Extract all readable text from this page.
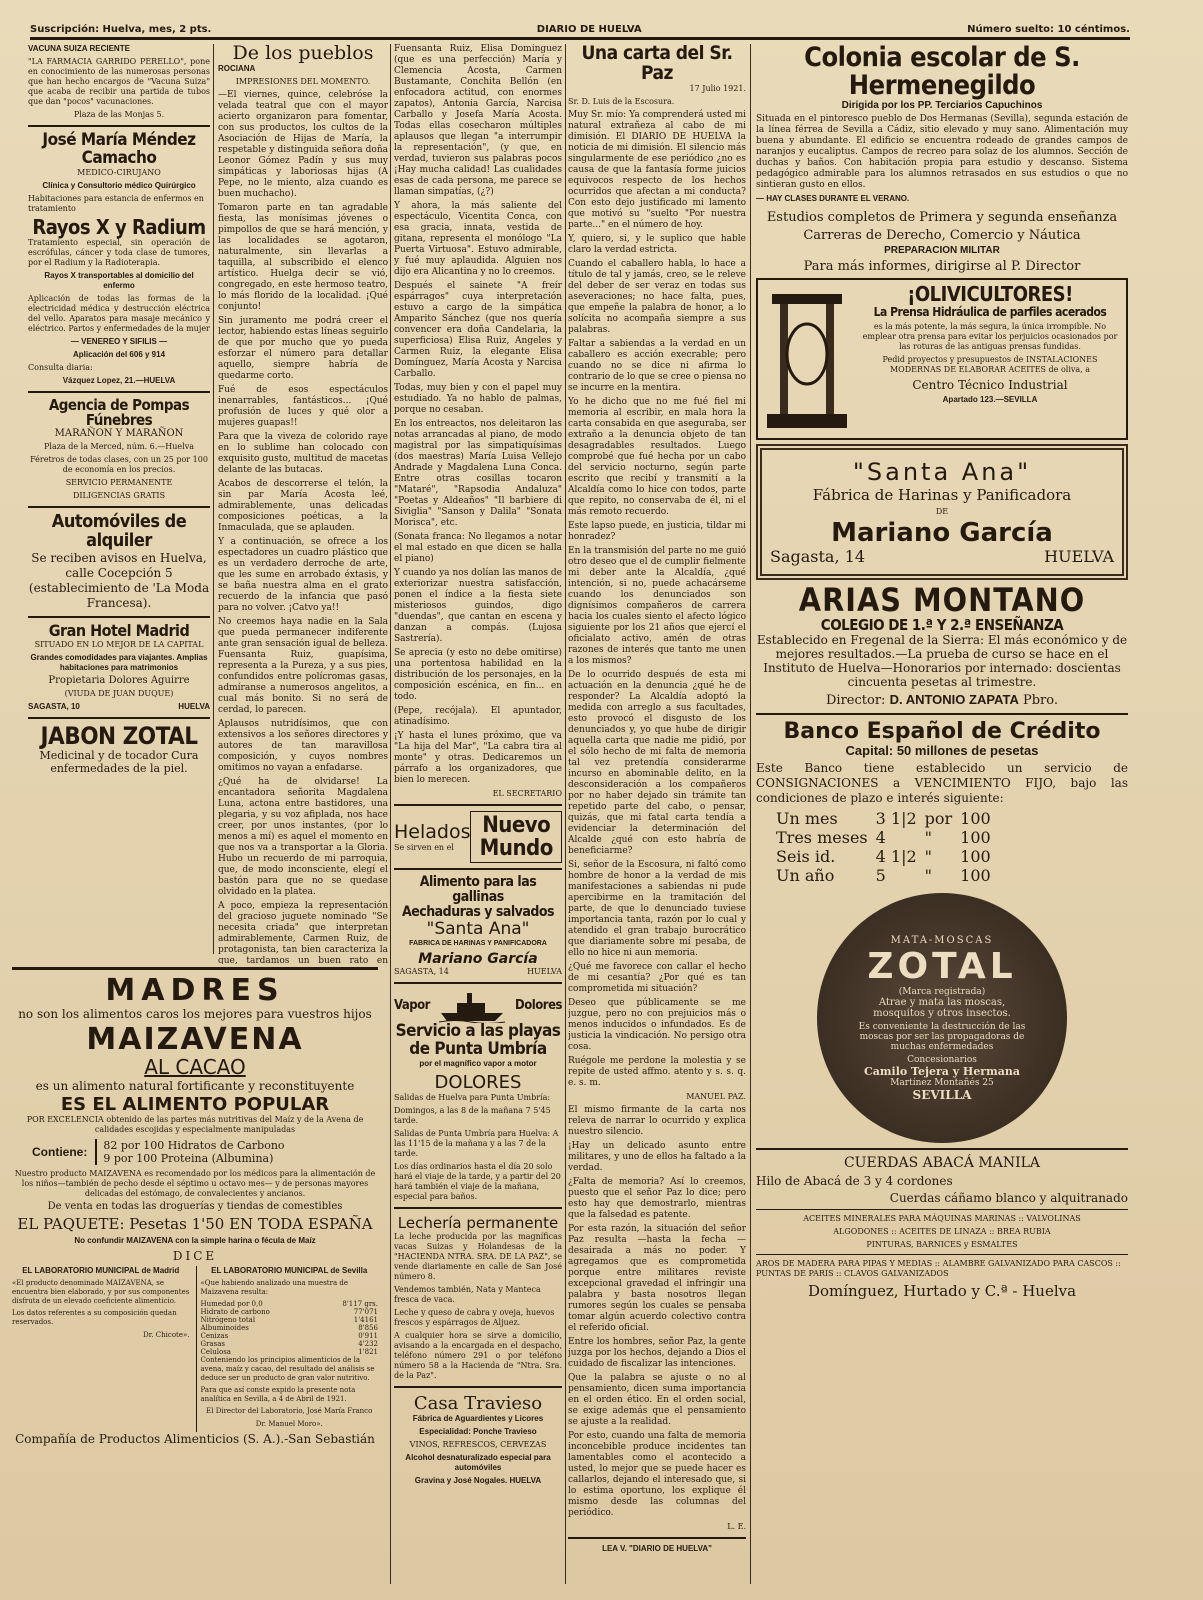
Suscripción: Huelva, mes, 2 pts.	DIARIO DE HUELVA	Número suelto: 10 céntimos.

VACUNA SUIZA RECIENTE

"LA FARMACIA GARRIDO PERELLO", pone en conocimiento de las numerosas personas que han hecho encargos de "Vacuna Suiza" que acaba de recibir una partida de tubos que dan "pocos" vacunaciones.

Plaza de las Monjas 5.

José María Méndez Camacho

MEDICO-CIRUJANO

Clínica y Consultorio médico Quirúrgico

Habitaciones para estancia de enfermos en tratamiento

Rayos X y Radium

Tratamiento especial, sin operación de escrófulas, cáncer y toda clase de tumores, por el Radium y la Radioterapia.

Rayos X transportables al domicilio del enfermo

Aplicación de todas las formas de la electricidad médica y destrucción eléctrica del vello. Aparatos para masaje mecánico y eléctrico. Partos y enfermedades de la mujer

— VENEREO Y SIFILIS —

Aplicación del 606 y 914

Consulta diaria:

Vázquez Lopez, 21.—HUELVA

Agencia de Pompas Fúnebres

MARAÑON Y MARAÑON

Plaza de la Merced, núm. 6.—Huelva

Féretros de todas clases, con un 25 por 100 de economía en los precios.

SERVICIO PERMANENTE

DILIGENCIAS GRATIS

Automóviles de alquiler

Se reciben avisos en Huelva, calle Cocepción 5 (establecimiento de 'La Moda Francesa).

Gran Hotel Madrid

SITUADO EN LO MEJOR DE LA CAPITAL

Grandes comodidades para viajantes. Amplias habitaciones para matrimonios

Propietaria Dolores Aguirre

(VIUDA DE JUAN DUQUE)

SAGASTA, 10	HUELVA

JABON ZOTAL

Medicinal y de tocador Cura enfermedades de la piel.

De los pueblos

ROCIANA

IMPRESIONES DEL MOMENTO.

—El viernes, quince, celebróse la velada teatral que con el mayor acierto organizaron para fomentar, con sus productos, los cultos de la Asociación de Hijas de María, la respetable y distinguida señora doña Leonor Gómez Padín y sus muy simpáticas y laboriosas hijas (A Pepe, no le miento, alza cuando es buen muchacho).

Tomaron parte en tan agradable fiesta, las monísimas jóvenes o pimpollos de que se hará mención, y las localidades se agotaron, naturalmente, sin llevarlas a taquilla, al subscribido el elenco artístico. Huelga decir se vió, congregado, en este hermoso teatro, lo más florido de la localidad. ¡Qué conjunto!

Sin juramento me podrá creer el lector, habiendo estas líneas seguirlo de que por mucho que yo pueda esforzar el número para detallar aquello, siempre habría de quedarme corto.

Fué de esos espectáculos inenarrables, fantásticos... ¡Qué profusión de luces y qué olor a mujeres guapas!!

Para que la viveza de colorido raye en lo sublime han colocado con exquisito gusto, multitud de macetas delante de las butacas.

Acabos de descorrerse el telón, la sin par María Acosta leé, admirablemente, unas delicadas composiciones poéticas, a la Inmaculada, que se aplauden.

Y a continuación, se ofrece a los espectadores un cuadro plástico que es un verdadero derroche de arte, que les sume en arrobado éxtasis, y se baña nuestra alma en el grato recuerdo de la infancia que pasó para no volver. ¡Catvo ya!!

No creemos haya nadie en la Sala que pueda permanecer indiferente ante gran sensación igual de belleza. Fuensanta Ruiz, guapísima, representa a la Pureza, y a sus pies, confundidos entre polícromas gasas, admíranse a numerosos angelitos, a cual más bonito. Si no será de cerdad, lo parecen.

Aplausos nutridísimos, que con extensivos a los señores directores y autores de tan maravillosa composición, y cuyos nombres omitimos no vayan a enfadarse.

¿Qué ha de olvidarse! La encantadora señorita Magdalena Luna, actona entre bastidores, una plegaria, y su voz afiplada, nos hace creer, por unos instantes, (por lo menos a mí) es aquel el momento en que nos va a transportar a la Gloria. Hubo un recuerdo de mi parroquia, que, de modo inconsciente, elegí el bastón para que no se quedase olvidado en la platea.

A poco, empieza la representación del gracioso juguete nominado "Se necesita criada" que interpretan admirablemente, Carmen Ruiz, de protagonista, tan bien caracteriza la que, tardamos un buen rato en

Fuensanta Ruiz, Elisa Domínguez (que es una perfección) María y Clemencia Acosta, Carmen Bustamante, Conchita Bellón (en enfocadora actitud, con enormes zapatos), Antonia García, Narcisa Carballo y Josefa María Acosta. Todas ellas cosecharon múltiples aplausos que llegan "a interrumpir la representación", (y que, en verdad, tuvieron sus palabras pocos ¡Hay mucha calidad! Las cualidades esas de cada persona, me parece se llaman simpatías, (¿?)

Y ahora, la más saliente del espectáculo, Vicentita Conca, con esa gracia, innata, vestida de gitana, representa el monólogo "La Puerta Virtuosa". Estuvo admirable, y fué muy aplaudida. Alguien nos dijo era Alicantina y no lo creemos.

Después el sainete "A freír espárragos" cuya interpretación estuvo a cargo de la simpática Amparito Sánchez (que nos quería convencer era doña Candelaria, la superficiosa) Elisa Ruiz, Angeles y Carmen Ruiz, la elegante Elisa Domínguez, María Acosta y Narcisa Carballo.

Todas, muy bien y con el papel muy estudiado. Ya no hablo de palmas, porque no cesaban.

En los entreactos, nos deleitaron las notas arrancadas al piano, de modo magistral por las simpatiquísimas (dos maestras) María Luisa Vellejo Andrade y Magdalena Luna Conca. Entre otras cosillas tocaron "Mataré", "Rapsodia Andaluza" "Poetas y Aldeaños" "Il barbiere di Siviglia" "Sanson y Dalila" "Sonata Morisca", etc.

(Sonata franca: No llegamos a notar el mal estado en que dicen se halla el piano)

Y cuando ya nos dolían las manos de exteriorizar nuestra satisfacción, ponen el índice a la fiesta siete misteriosos guindos, digo "duendas", que cantan en escena y danzan a compás. (Lujosa Sastrería).

Se aprecia (y esto no debe omitirse) una portentosa habilidad en la distribución de los personajes, en la composición escénica, en fin... en todo.

(Pepe, recójala). El apuntador, atinadísimo.

¡Y hasta el lunes próximo, que va "La hija del Mar", "La cabra tira al monte" y otras. Dedicaremos un párrafo a los organizadores, que bien lo merecen.

EL SECRETARIO

Helados
Se sirven en el
Nuevo Mundo
Alimento para las gallinas
Aechaduras y salvados
"Santa Ana"

FABRICA DE HARINAS Y PANIFICADORA

Mariano García

SAGASTA, 14	HUELVA

Vapor	Dolores
Servicio a las playas de Punta Umbría

por el magnífico vapor a motor

DOLORES

Salidas de Huelva para Punta Umbría:

Domingos, a las 8 de la mañana 7 5'45 tarde.

Salidas de Punta Umbría para Huelva: A las 11'15 de la mañana y a las 7 de la tarde.

Los días ordinarios hasta el día 20 solo hará el viaje de la tarde, y a partir del 20 hará también el viaje de la mañana, especial para baños.

Lechería permanente

La leche producida por las magníficas vacas Suizas y Holandesas de la "HACIENDA NTRA. SRA. DE LA PAZ", se vende diariamente en calle de San José número 8.

Vendemos también, Nata y Manteca fresca de vaca.

Leche y queso de cabra y oveja, huevos frescos y espárragos de Aljuez.

A cualquier hora se sirve a domicilio, avisando a la encargada en el despacho, teléfono número 291 o por teléfono número 58 a la Hacienda de "Ntra. Sra. de la Paz".

Casa Travieso

Fábrica de Aguardientes y Licores

Especialidad: Ponche Travieso

VINOS, REFRESCOS, CERVEZAS

Alcohol desnaturalizado especial para automóviles

Gravina y José Nogales. HUELVA

Una carta del Sr. Paz

17 Julio 1921.

Sr. D. Luis de la Escosura.

Muy Sr. mío: Ya comprenderá usted mi natural extrañeza al cabo de mi dimisión. El DIARIO DE HUELVA la noticia de mi dimisión. El silencio más singularmente de ese periódico ¿no es causa de que la fantasía forme juicios equivocos respecto de los hechos ocurridos que afectan a mi conducta? Con esto dejo justificado mi lamento que motivó su "suelto "Por nuestra parte..." en el número de hoy.

Y, quiero, si, y le suplico que hable claro la verdad estricta.

Cuando el caballero habla, lo hace a título de tal y jamás, creo, se le releve del deber de ser veraz en todas sus aseveraciones; no hace falta, pues, que empeñe la palabra de honor, a lo solícita no acompaña siempre a sus palabras.

Faltar a sabiendas a la verdad en un caballero es acción execrable; pero cuando no se dice ni afirma lo contrario de lo que se cree o piensa no se incurre en la mentira.

Yo he dicho que no me fué fiel mi memoria al escribir, en mala hora la carta consabida en que aseguraba, ser extraño a la denuncia objeto de tan desagradables resultados. Luego comprobé que fué hecha por un cabo del servicio nocturno, según parte escrito que recibí y transmití a la Alcaldía como lo hice con todos, parte que repito, no conservaba de él, ni el más remoto recuerdo.

Este lapso puede, en justicia, tildar mi honradez?

En la transmisión del parte no me guió otro deseo que el de cumplir fielmente mi deber ante la Alcaldía, ¿qué intención, si no, puede achacárseme cuando los denunciados son dignísimos compañeros de carrera hacia los cuales siento el afecto lógico siguiente por los 21 años que ejercí el oficialato activo, amén de otras razones de interés que tanto me unen a los mismos?

De lo ocurrido después de esta mi actuación en la denuncia ¿qué he de responder? La Alcaldía adoptó la medida con arreglo a sus facultades, esto provocó el disgusto de los denunciados y, yo que hube de dirigir aquella carta que nadie me pidió, por el sólo hecho de mi falta de memoria tal vez pretendía considerarme incurso en abominable delito, en la desconsideración a los compañeros por no haber dejado sin trámite tan repetido parte del cabo, o pensar, quizás, que mi fatal carta tendía a evidenciar la determinación del Alcalde ¿qué con esto habría de beneficiarme?

Si, señor de la Escosura, ni faltó como hombre de honor a la verdad de mis manifestaciones a sabiendas ni pude apercibirme en la tramitación del parte, de que lo denunciado tuviese importancia tanta, razón por lo cual y atendido el gran trabajo burocrático que diariamente sobre mí pesaba, de ello no hice ni aun memoria.

¿Qué me favorece con callar el hecho de mi cesantía? ¿Por qué es tan comprometida mi situación?

Deseo que públicamente se me juzgue, pero no con prejuicios más o menos inducidos o infundados. Es de justicia la vindicación. No persigo otra cosa.

Ruégole me perdone la molestia y se repite de usted affmo. atento y s. s. q. e. s. m.

MANUEL PAZ.

El mismo firmante de la carta nos releva de narrar lo ocurrido y explica nuestro silencio.

¡Hay un delicado asunto entre militares, y uno de ellos ha faltado a la verdad.

¿Falta de memoria? Así lo creemos, puesto que el señor Paz lo dice; pero esto hay que demostrarlo, mientras que la falsedad es patente.

Por esta razón, la situación del señor Paz resulta —hasta la fecha — desairada a más no poder. Y agregamos que es comprometida porque entre militares reviste excepcional gravedad el infringir una palabra y basta nosotros llegan rumores según los cuales se pensaba tomar algún acuerdo colectivo contra el referido oficial.

Entre los hombres, señor Paz, la gente juzga por los hechos, dejando a Dios el cuidado de fiscalizar las intenciones.

Que la palabra se ajuste o no al pensamiento, dicen suma importancia en el orden ético. En el orden social, se exige además que el pensamiento se ajuste a la realidad.

Por esto, cuando una falta de memoria inconcebible produce incidentes tan lamentables como el acontecido a usted, lo mejor que se puede hacer es callarlos, dejando el interesado que, si lo estima oportuno, los explique él mismo desde las columnas del periódico.

L. E.

LEA V. "DIARIO DE HUELVA"

Colonia escolar de S. Hermenegildo

Dirigida por los PP. Terciarios Capuchinos

Situada en el pintoresco pueblo de Dos Hermanas (Sevilla), segunda estación de la línea férrea de Sevilla a Cádiz, sitio elevado y muy sano. Alimentación muy buena y abundante. El edificio se encuentra rodeado de grandes campos de naranjos y eucaliptus. Campos de recreo para solaz de los alumnos. Sección de duchas y baños. Con habitación propia para estudio y descanso. Sistema pedagógico admirable para los alumnos retrasados en sus estudios o que no sintieran gusto en ellos.

— HAY CLASES DURANTE EL VERANO.

Estudios completos de Primera y segunda enseñanza

Carreras de Derecho, Comercio y Náutica

PREPARACION MILITAR

Para más informes, dirigirse al P. Director

¡OLIVICULTORES!

La Prensa Hidráulica de parfiles acerados

es la más potente, la más segura, la única irrompible. No emplear otra prensa para evitar los perjuicios ocasionados por las roturas de las antiguas prensas fundidas.

Pedid proyectos y presupuestos de INSTALACIONES MODERNAS DE ELABORAR ACEITES de oliva, a

Centro Técnico Industrial

Apartado 123.—SEVILLA

"Santa Ana"

Fábrica de Harinas y Panificadora

DE

Mariano García
Sagasta, 14	HUELVA
ARIAS MONTANO
COLEGIO DE 1.ª Y 2.ª ENSEÑANZA

Establecido en Fregenal de la Sierra: El más económico y de mejores resultados.—La prueba de curso se hace en el Instituto de Huelva—Honorarios por internado: doscientas cincuenta pesetas al trimestre.

Director: D. ANTONIO ZAPATA Pbro.

Banco Español de Crédito

Capital: 50 millones de pesetas

Este Banco tiene establecido un servicio de CONSIGNACIONES a VENCIMIENTO FIJO, bajo las condiciones de plazo e interés siguiente:

Un mes	3 1|2	por	100
Tres meses	4	"	100
Seis id.	4 1|2	"	100
Un año	5	"	100
MATA-MOSCAS
ZOTAL
(Marca registrada)
Atrae y mata las moscas, mosquitos y otros insectos.
Es conveniente la destrucción de las moscas por ser las propagadoras de muchas enfermedades
Concesionarios
Camilo Tejera y Hermana
Martínez Montañés 25
SEVILLA

CUERDAS ABACÁ MANILA

Hilo de Abacá de 3 y 4 cordones

Cuerdas cáñamo blanco y alquitranado

ACEITES MINERALES PARA MÁQUINAS MARINAS :: VALVOLINAS

ALGODONES :: ACEITES DE LINAZA :: BREA RUBIA

PINTURAS, BARNICES y ESMALTES

AROS DE MADERA PARA PIPAS Y MEDIAS :: ALAMBRE GALVANIZADO PARA CASCOS :: PUNTAS DE PARIS :: CLAVOS GALVANIZADOS

Domínguez, Hurtado y C.ª - Huelva

MADRES

no son los alimentos caros los mejores para vuestros hijos

MAIZAVENA
AL CACAO

es un alimento natural fortificante y reconstituyente

ES EL ALIMENTO POPULAR

POR EXCELENCIA obtenido de las partes más nutritivas del Maíz y de la Avena de calidades escojidas y especialmente manipuladas

Contiene: 82 por 100 Hidratos de Carbono
9 por 100 Proteina (Albumina)

Nuestro producto MAIZAVENA es recomendado por los médicos para la alimentación de los niños—también de pecho desde el séptimo u octavo mes— y de personas mayores delicadas del estómago, de convalecientes y ancianos.

De venta en todas las droguerías y tiendas de comestibles

EL PAQUETE: Pesetas 1'50 EN TODA ESPAÑA

No confundir MAIZAVENA con la simple harina o fécula de Maíz

DICE

EL LABORATORIO MUNICIPAL de Madrid

«El producto denominado MAIZAVENA, se encuentra bien elaborado, y por sus componentes disfruta de un elevado coeficiente alimenticio.

Los datos referentes a su composición quedan reservados.

Dr. Chicote».

EL LABORATORIO MUNICIPAL de Sevilla

«Que habiendo analizado una muestra de Maizavena resulta:

Humedad por 0,0	8'117 grs.
Hidrato de carbono	77'071
Nitrógeno total	1'4161
Albuminoides	8'856
Cenizas	0'911
Grasas	4'232
Celulosa	1'821

Conteniendo los principios alimenticios de la avena, maíz y cacao, del resultado del análisis se deduce ser un producto de gran valor nutritivo.

Para que así conste expido la presente nota analítica en Sevilla, a 4 de Abril de 1921.

El Director del Laboratorio, José María Franco

Dr. Manuel Moro».

Compañía de Productos Alimenticios (S. A.).-San Sebastián
